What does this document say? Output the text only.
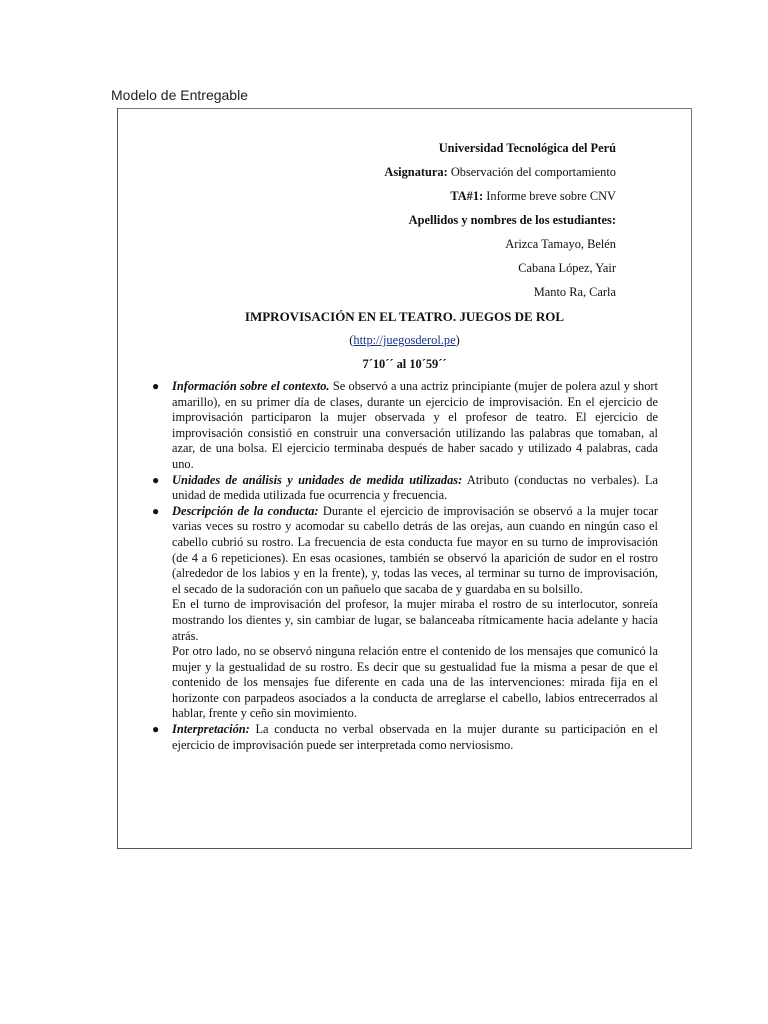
Modelo de Entregable
Universidad Tecnológica del Perú
Asignatura: Observación del comportamiento
TA#1: Informe breve sobre CNV
Apellidos y nombres de los estudiantes:
Arizca Tamayo, Belén
Cabana López, Yair
Manto Ra, Carla
IMPROVISACIÓN EN EL TEATRO. JUEGOS DE ROL
(http://juegosderol.pe)
7´10´´ al 10´59´´
● Información sobre el contexto. Se observó a una actriz principiante (mujer de polera azul y short amarillo), en su primer día de clases, durante un ejercicio de improvisación. En el ejercicio de improvisación participaron la mujer observada y el profesor de teatro. El ejercicio de improvisación consistió en construir una conversación utilizando las palabras que tomaban, al azar, de una bolsa. El ejercicio terminaba después de haber sacado y utilizado 4 palabras, cada uno.
● Unidades de análisis y unidades de medida utilizadas: Atributo (conductas no verbales). La unidad de medida utilizada fue ocurrencia y frecuencia.
● Descripción de la conducta: Durante el ejercicio de improvisación se observó a la mujer tocar varias veces su rostro y acomodar su cabello detrás de las orejas, aun cuando en ningún caso el cabello cubrió su rostro. La frecuencia de esta conducta fue mayor en su turno de improvisación (de 4 a 6 repeticiones). En esas ocasiones, también se observó la aparición de sudor en el rostro (alrededor de los labios y en la frente), y, todas las veces, al terminar su turno de improvisación, el secado de la sudoración con un pañuelo que sacaba de y guardaba en su bolsillo.

En el turno de improvisación del profesor, la mujer miraba el rostro de su interlocutor, sonreía mostrando los dientes y, sin cambiar de lugar, se balanceaba rítmicamente hacia adelante y hacia atrás.

Por otro lado, no se observó ninguna relación entre el contenido de los mensajes que comunicó la mujer y la gestualidad de su rostro. Es decir que su gestualidad fue la misma a pesar de que el contenido de los mensajes fue diferente en cada una de las intervenciones: mirada fija en el horizonte con parpadeos asociados a la conducta de arreglarse el cabello, labios entrecerrados al hablar, frente y ceño sin movimiento.

● Interpretación: La conducta no verbal observada en la mujer durante su participación en el ejercicio de improvisación puede ser interpretada como nerviosismo.
